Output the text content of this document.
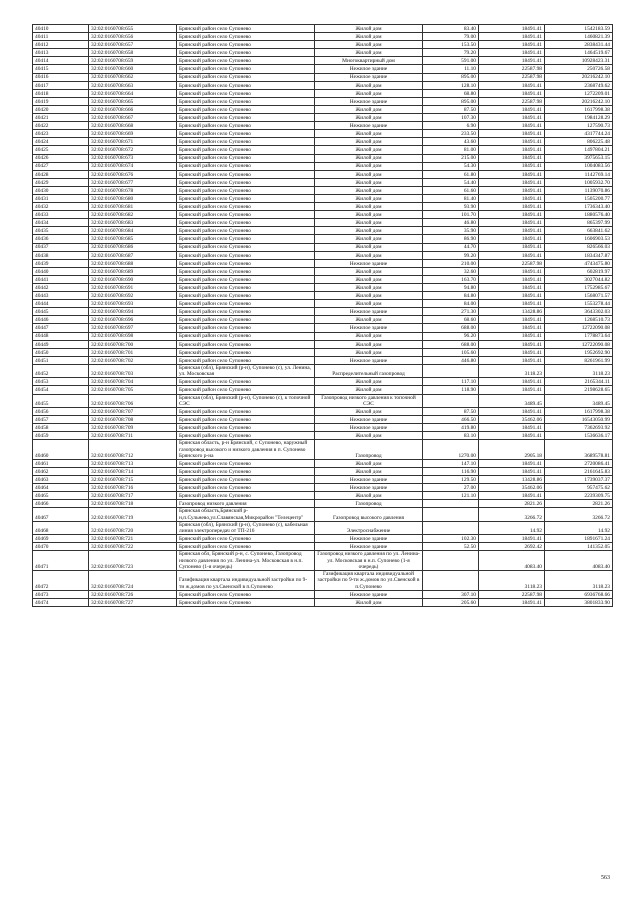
40410	32:02:0160708:655	Брянский район село Супонево	Жилой дом	83.40	18491.41	1542183.59
40411	32:02:0160708:656	Брянский район село Супонево	Жилой дом	79.00	18491.41	1460821.39
40412	32:02:0160708:657	Брянский район село Супонево	Жилой дом	153.50	18491.41	2838431.44
40413	32:02:0160708:658	Брянский район село Супонево	Жилой дом	79.20	18491.41	1464519.67
40414	32:02:0160708:659	Брянский район село Супонево	Многоквартирный дом	591.00	18491.41	10928423.31
40415	32:02:0160708:660	Брянский район село Супонево	Нежилое здание	11.10	22587.98	250726.58
40416	32:02:0160708:662	Брянский район село Супонево	Нежилое здание	895.00	22587.98	20216242.10
40417	32:02:0160708:663	Брянский район село Супонево	Жилой дом	128.10	18491.41	2368749.62
40418	32:02:0160708:664	Брянский район село Супонево	Жилой дом	68.80	18491.41	1272209.01
40419	32:02:0160708:665	Брянский район село Супонево	Нежилое здание	895.00	22587.98	20216242.10
40420	32:02:0160708:666	Брянский район село Супонево	Жилой дом	87.50	18491.41	1617998.38
40421	32:02:0160708:667	Брянский район село Супонево	Жилой дом	107.30	18491.41	1984128.29
40422	32:02:0160708:668	Брянский район село Супонево	Нежилое здание	6.90	18491.41	127590.73
40423	32:02:0160708:669	Брянский район село Супонево	Жилой дом	233.50	18491.41	4317744.24
40424	32:02:0160708:671	Брянский район село Супонево	Жилой дом	43.60	18491.41	806225.48
40425	32:02:0160708:672	Брянский район село Супонево	Жилой дом	81.00	18491.41	1497804.21
40426	32:02:0160708:673	Брянский район село Супонево	Жилой дом	215.00	18491.41	3975653.15
40427	32:02:0160708:674	Брянский район село Супонево	Жилой дом	54.30	18491.41	1004083.56
40428	32:02:0160708:676	Брянский район село Супонево	Жилой дом	61.80	18491.41	1142769.14
40429	32:02:0160708:677	Брянский район село Супонево	Жилой дом	54.40	18491.41	1005932.70
40430	32:02:0160708:678	Брянский район село Супонево	Жилой дом	61.60	18491.41	1139070.86
40431	32:02:0160708:680	Брянский район село Супонево	Жилой дом	81.40	18491.41	1505200.77
40432	32:02:0160708:681	Брянский район село Супонево	Жилой дом	93.90	18491.41	1736343.40
40433	32:02:0160708:682	Брянский район село Супонево	Жилой дом	101.70	18491.41	1880576.40
40434	32:02:0160708:683	Брянский район село Супонево	Жилой дом	46.80	18491.41	865397.99
40435	32:02:0160708:684	Брянский район село Супонево	Жилой дом	35.90	18491.41	663841.62
40436	32:02:0160708:685	Брянский район село Супонево	Жилой дом	86.90	18491.41	1606903.53
40437	32:02:0160708:686	Брянский район село Супонево	Жилой дом	44.70	18491.41	826566.03
40438	32:02:0160708:687	Брянский район село Супонево	Жилой дом	99.20	18491.41	1834347.87
40439	32:02:0160708:688	Брянский район село Супонево	Нежилое здание	210.00	22587.98	4743475.80
40440	32:02:0160708:689	Брянский район село Супонево	Жилой дом	32.60	18491.41	602819.97
40441	32:02:0160708:690	Брянский район село Супонево	Жилой дом	163.70	18491.41	3027044.82
40442	32:02:0160708:691	Брянский район село Супонево	Жилой дом	94.80	18491.41	1752985.67
40443	32:02:0160708:692	Брянский район село Супонево	Жилой дом	84.80	18491.41	1568071.57
40444	32:02:0160708:693	Брянский район село Супонево	Жилой дом	84.00	18491.41	1553278.44
40445	32:02:0160708:694	Брянский район село Супонево	Нежилое здание	271.30	13428.86	3643302.03
40446	32:02:0160708:696	Брянский район село Супонево	Жилой дом	68.60	18491.41	1268510.73
40447	32:02:0160708:697	Брянский район село Супонево	Нежилое здание	688.00	18491.41	12722090.08
40448	32:02:0160708:698	Брянский район село Супонево	Жилой дом	96.20	18491.41	1778873.64
40449	32:02:0160708:700	Брянский район село Супонево	Жилой дом	688.00	18491.41	12722090.08
40450	32:02:0160708:701	Брянский район село Супонево	Жилой дом	105.60	18491.41	1952692.90
40451	32:02:0160708:702	Брянский район село Супонево	Нежилое здание	446.80	18491.41	8261961.99
40452	32:02:0160708:703	Брянская (обл), Брянский (р-н), Супонево (с), ул. Ленина, ул. Московская	Распределительный газопровод		3118.23	3118.23
40453	32:02:0160708:704	Брянский район село Супонево	Жилой дом	117.10	18491.41	2165344.11
40454	32:02:0160708:705	Брянский район село Супонево	Жилой дом	118.90	18491.41	2198628.65
40455	32:02:0160708:706	Брянская (обл), Брянский (р-н), Супонево (с), к топочной СЭС	Газопровод низкого давления к топочной СЭС		3489.45	3489.45
40456	32:02:0160708:707	Брянский район село Супонево	Жилой дом	87.50	18491.41	1617998.38
40457	32:02:0160708:708	Брянский район село Супонево	Нежилое здание	466.50	35462.06	16543050.99
40458	32:02:0160708:709	Брянский район село Супонево	Нежилое здание	419.80	18491.41	7362693.92
40459	32:02:0160708:711	Брянский район село Супонево	Жилой дом	83.10	18491.41	1536636.17
40460	32:02:0160708:712	Брянская область, р-н Брянский, с Супонево, наружный газопровод высокого и низкого давления в п. Супонево Брянского р-на	Газопровод	1270.00	2905.18	3689578.81
40461	32:02:0160708:713	Брянский район село Супонево	Жилой дом	147.10	18491.41	2720086.41
40462	32:02:0160708:714	Брянский район село Супонево	Жилой дом	116.90	18491.41	2161645.83
40463	32:02:0160708:715	Брянский район село Супонево	Нежилое здание	129.50	13428.86	1739037.37
40464	32:02:0160708:716	Брянский район село Супонево	Нежилое здание	27.00	35462.06	957475.62
40465	32:02:0160708:717	Брянский район село Супонево	Жилой дом	121.10	18491.41	2239309.75
40466	32:02:0160708:718	Газопровод низкого давления	Газопровод		2821.26	2821.26
40467	32:02:0160708:719	Брянская область,Брянский р-н,п.Сульнево,ул.Славянская,Микрорайон "Телецентр"	Газопровод высокого давления		3266.72	3266.72
40468	32:02:0160708:720	Брянская (обл), Брянский (р-н), Супонево (с), кабельная линия электропередач от ТП-216	Электроснабжение		14.92	14.92
40469	32:02:0160708:721	Брянский район село Супонево	Нежилое здание	102.30	18491.41	1891671.24
40470	32:02:0160708:722	Брянский район село Супонево	Нежилое здание	52.50	2692.42	141352.05
40471	32:02:0160708:723	Брянская обл, Брянский р-н, с. Супонево, Газопровод низкого давления по ул. Ленина-ул. Московская в н.п. Супонево (1-я очередь)	Газопровод низкого давления по ул. Ленина-ул. Московская в н.п. Супонево (1-я очередь)		4083.40	4083.40
40472	32:02:0160708:724	Газификация квартала индивидуальной застройки по 9-ти ж.домов по ул.Свенской в п.Супонево	Газификация квартала индивидуальной застройки по 9-ти ж.домов по ул.Свенской в п.Супонево		3118.23	3118.23
40473	32:02:0160708:726	Брянский район село Супонево	Нежилое здание	307.10	22587.98	6936768.66
40474	32:02:0160708:727	Брянский район село Супонево	Жилой дом	205.60	18491.41	3801833.90
563
